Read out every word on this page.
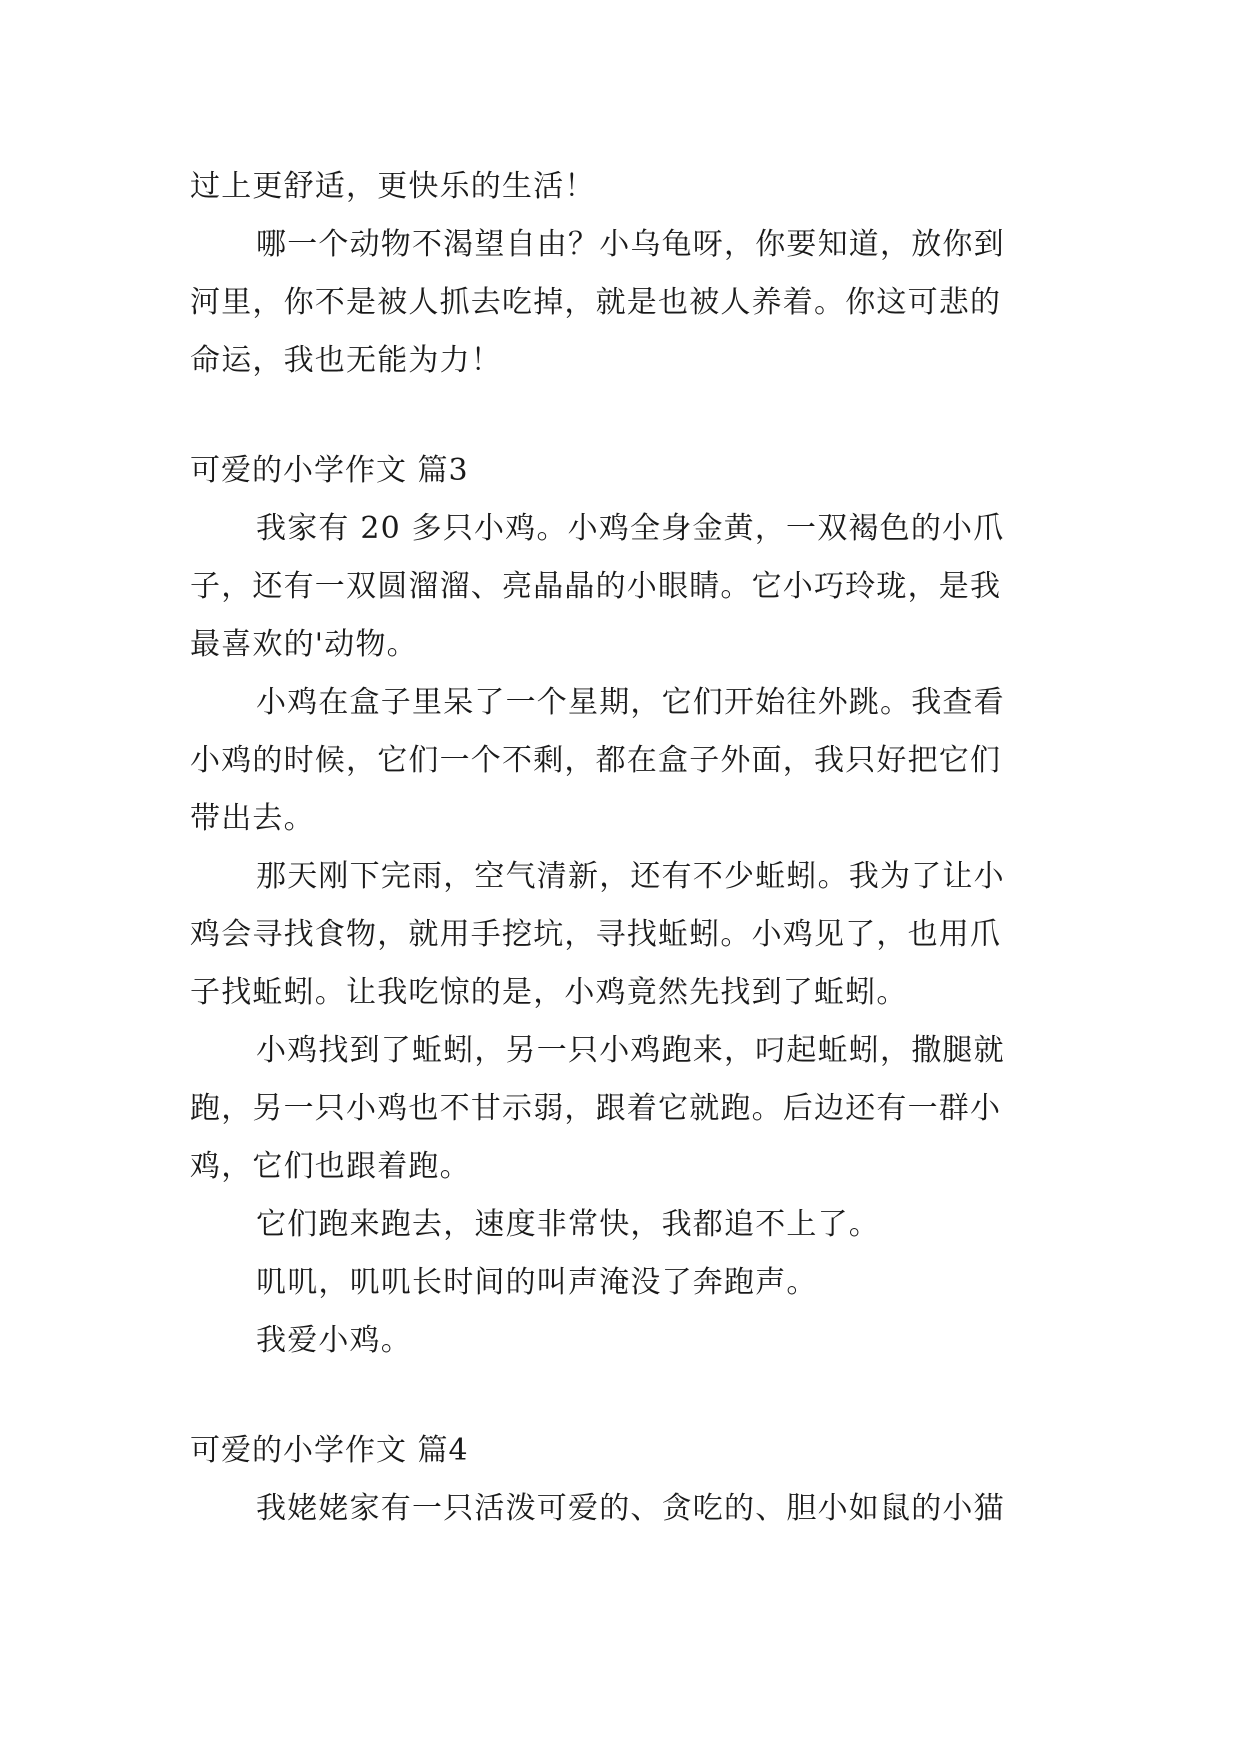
过上更舒适，更快乐的生活！
哪一个动物不渴望自由？小乌龟呀，你要知道，放你到
河里，你不是被人抓去吃掉，就是也被人养着。你这可悲的
命运，我也无能为力！
可爱的小学作文 篇3
我家有 20 多只小鸡。小鸡全身金黄，一双褐色的小爪
子，还有一双圆溜溜、亮晶晶的小眼睛。它小巧玲珑，是我
最喜欢的'动物。
小鸡在盒子里呆了一个星期，它们开始往外跳。我查看
小鸡的时候，它们一个不剩，都在盒子外面，我只好把它们
带出去。
那天刚下完雨，空气清新，还有不少蚯蚓。我为了让小
鸡会寻找食物，就用手挖坑，寻找蚯蚓。小鸡见了，也用爪
子找蚯蚓。让我吃惊的是，小鸡竟然先找到了蚯蚓。
小鸡找到了蚯蚓，另一只小鸡跑来，叼起蚯蚓，撒腿就
跑，另一只小鸡也不甘示弱，跟着它就跑。后边还有一群小
鸡，它们也跟着跑。
它们跑来跑去，速度非常快，我都追不上了。
叽叽，叽叽长时间的叫声淹没了奔跑声。
我爱小鸡。
可爱的小学作文 篇4
我姥姥家有一只活泼可爱的、贪吃的、胆小如鼠的小猫
